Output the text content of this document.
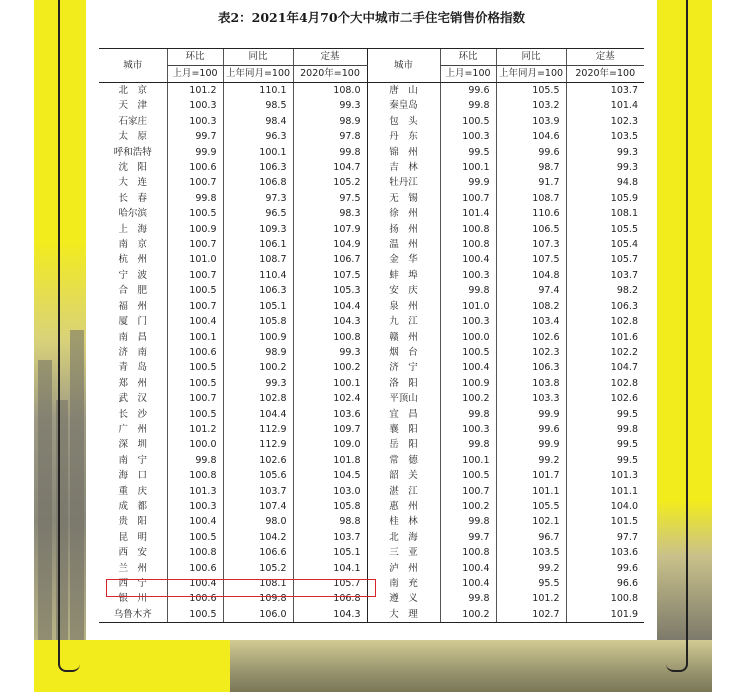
表2：2021年4月70个大中城市二手住宅销售价格指数
城市	环比	同比	定基	城市	环比	同比	定基
	上月=100	上年同月=100	2020年=100		上月=100	上年同月=100	2020年=100
北　京	101.2	110.1	108.0	唐　山	99.6	105.5	103.7
天　津	100.3	98.5	99.3	秦皇岛	99.8	103.2	101.4
石家庄	100.3	98.4	98.9	包　头	100.5	103.9	102.3
太　原	99.7	96.3	97.8	丹　东	100.3	104.6	103.5
呼和浩特	99.9	100.1	99.8	锦　州	99.5	99.6	99.3
沈　阳	100.6	106.3	104.7	吉　林	100.1	98.7	99.3
大　连	100.7	106.8	105.2	牡丹江	99.9	91.7	94.8
长　春	99.8	97.3	97.5	无　锡	100.7	108.7	105.9
哈尔滨	100.5	96.5	98.3	徐　州	101.4	110.6	108.1
上　海	100.9	109.3	107.9	扬　州	100.8	106.5	105.5
南　京	100.7	106.1	104.9	温　州	100.8	107.3	105.4
杭　州	101.0	108.7	106.7	金　华	100.4	107.5	105.7
宁　波	100.7	110.4	107.5	蚌　埠	100.3	104.8	103.7
合　肥	100.5	106.3	105.3	安　庆	99.8	97.4	98.2
福　州	100.7	105.1	104.4	泉　州	101.0	108.2	106.3
厦　门	100.4	105.8	104.3	九　江	100.3	103.4	102.8
南　昌	100.1	100.9	100.8	赣　州	100.0	102.6	101.6
济　南	100.6	98.9	99.3	烟　台	100.5	102.3	102.2
青　岛	100.5	100.2	100.2	济　宁	100.4	106.3	104.7
郑　州	100.5	99.3	100.1	洛　阳	100.9	103.8	102.8
武　汉	100.7	102.8	102.4	平顶山	100.2	103.3	102.6
长　沙	100.5	104.4	103.6	宜　昌	99.8	99.9	99.5
广　州	101.2	112.9	109.7	襄　阳	100.3	99.6	99.8
深　圳	100.0	112.9	109.0	岳　阳	99.8	99.9	99.5
南　宁	99.8	102.6	101.8	常　德	100.1	99.2	99.5
海　口	100.8	105.6	104.5	韶　关	100.5	101.7	101.3
重　庆	101.3	103.7	103.0	湛　江	100.7	101.1	101.1
成　都	100.3	107.4	105.8	惠　州	100.2	105.5	104.0
贵　阳	100.4	98.0	98.8	桂　林	99.8	102.1	101.5
昆　明	100.5	104.2	103.7	北　海	99.7	96.7	97.7
西　安	100.8	106.6	105.1	三　亚	100.8	103.5	103.6
兰　州	100.6	105.2	104.1	泸　州	100.4	99.2	99.6
西　宁	100.4	108.1	105.7	南　充	100.4	95.5	96.6
银　川	100.6	109.8	106.8	遵　义	99.8	101.2	100.8
乌鲁木齐	100.5	106.0	104.3	大　理	100.2	102.7	101.9
